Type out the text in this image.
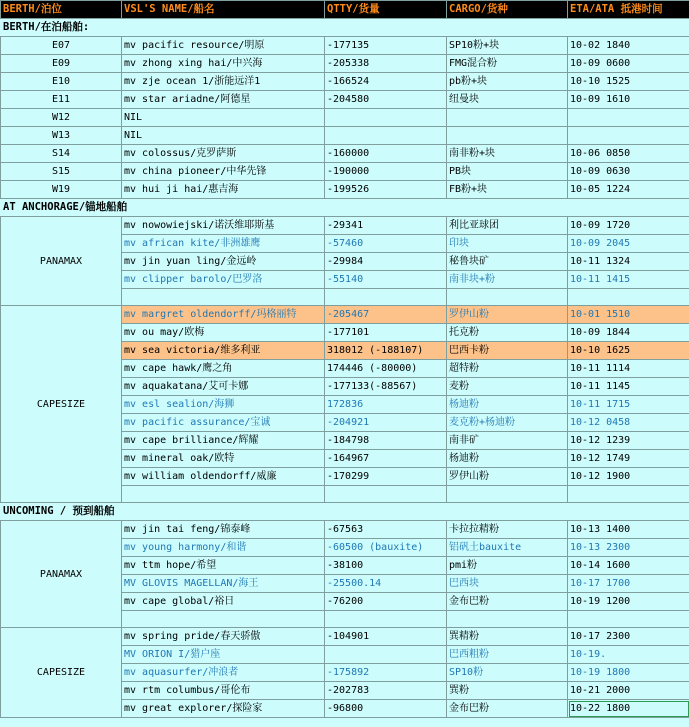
BERTH/泊位	VSL'S NAME/船名	QTTY/货量	CARGO/货种	ETA/ATA 抵港时间
BERTH/在泊船舶:				
E07	mv pacific resource/明原	-177135	SP10粉+块	10-02 1840
E09	mv zhong xing hai/中兴海	-205338	FMG混合粉	10-09 0600
E10	mv zje ocean 1/浙能远洋1	-166524	pb粉+块	10-10 1525
E11	mv star ariadne/阿德星	-204580	纽曼块	10-09 1610
W12	NIL			
W13	NIL			
S14	mv colossus/克罗萨斯	-160000	南非粉+块	10-06 0850
S15	mv china pioneer/中华先锋	-190000	PB块	10-09 0630
W19	mv hui ji hai/惠吉海	-199526	FB粉+块	10-05 1224
AT ANCHORAGE/锚地船舶				
PANAMAX	mv nowowiejski/诺沃维耶斯基	-29341	利比亚球团	10-09 1720
	mv african kite/非洲雄鹰	-57460	印块	10-09 2045
	mv jin yuan ling/金远岭	-29984	秘鲁块矿	10-11 1324
	mv clipper barolo/巴罗洛	-55140	南非块+粉	10-11 1415

CAPESIZE	mv margret oldendorff/玛格丽特	-205467	罗伊山粉	10-01 1510
	mv ou may/欧梅	-177101	托克粉	10-09 1844
	mv sea victoria/维多利亚	318012 (-188107)	巴西卡粉	10-10 1625
	mv cape hawk/鹰之角	174446 (-80000)	超特粉	10-11 1114
	mv aquakatana/艾可卡娜	-177133(-88567)	麦粉	10-11 1145
	mv esl sealion/海狮	172836	杨迪粉	10-11 1715
	mv pacific assurance/宝诚	-204921	麦克粉+杨迪粉	10-12 0458
	mv cape brilliance/辉耀	-184798	南非矿	10-12 1239
	mv mineral oak/欧特	-164967	杨迪粉	10-12 1749
	mv william oldendorff/威廉	-170299	罗伊山粉	10-12 1900

UNCOMING / 预到船舶				
PANAMAX	mv jin tai feng/锦泰峰	-67563	卡拉拉精粉	10-13 1400
	mv young harmony/和谐	-60500 (bauxite)	铝矾土bauxite	10-13 2300
	mv ttm hope/希望	-38100	pmi粉	10-14 1600
	MV GLOVIS MAGELLAN/海王	-25500.14	巴西块	10-17 1700
	mv cape global/裕日	-76200	金布巴粉	10-19 1200

CAPESIZE	mv spring pride/春天骄傲	-104901	巽精粉	10-17 2300
	MV ORION I/猎户座		巴西粗粉	10-19.
	mv aquasurfer/冲浪者	-175892	SP10粉	10-19 1800
	mv rtm columbus/哥伦布	-202783	巽粉	10-21 2000
	mv great explorer/探险家	-96800	金布巴粉	10-22 1800
